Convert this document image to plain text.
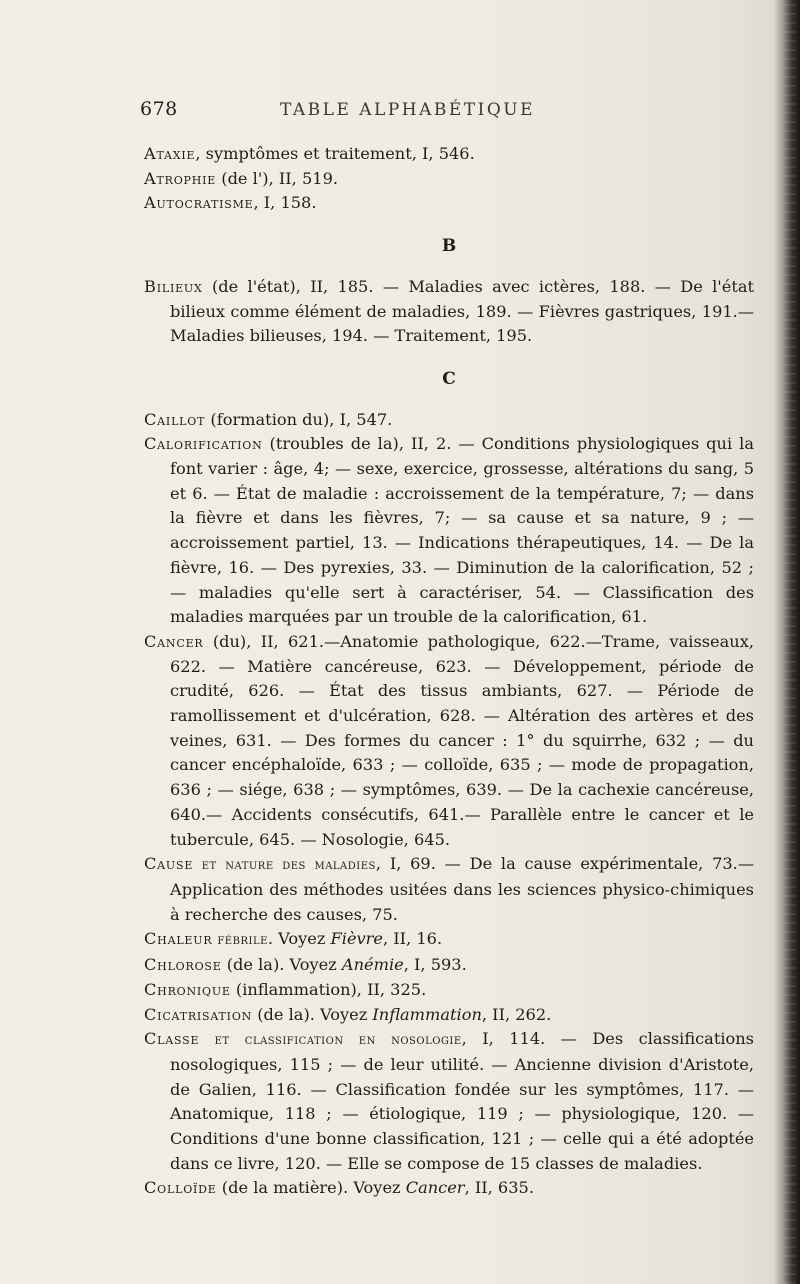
678	TABLE ALPHABÉTIQUE

Ataxie, symptômes et traitement, I, 546.

Atrophie (de l'), II, 519.

Autocratisme, I, 158.

B

Bilieux (de l'état), II, 185. — Maladies avec ictères, 188. — De l'état bilieux comme élément de maladies, 189. — Fièvres gastriques, 191.— Maladies bilieuses, 194. — Traitement, 195.

C

Caillot (formation du), I, 547.

Calorification (troubles de la), II, 2. — Conditions physiologiques qui la font varier : âge, 4; — sexe, exercice, grossesse, altérations du sang, 5 et 6. — État de maladie : accroissement de la température, 7; — dans la fièvre et dans les fièvres, 7; — sa cause et sa nature, 9 ; — accroissement partiel, 13. — Indications thérapeutiques, 14. — De la fièvre, 16. — Des pyrexies, 33. — Diminution de la calorification, 52 ; — maladies qu'elle sert à caractériser, 54. — Classification des maladies marquées par un trouble de la calorification, 61.

Cancer (du), II, 621.—Anatomie pathologique, 622.—Trame, vaisseaux, 622. — Matière cancéreuse, 623. — Développement, période de crudité, 626. — État des tissus ambiants, 627. — Période de ramollissement et d'ulcération, 628. — Altération des artères et des veines, 631. — Des formes du cancer : 1° du squirrhe, 632 ; — du cancer encéphaloïde, 633 ; — colloïde, 635 ; — mode de propagation, 636 ; — siége, 638 ; — symptômes, 639. — De la cachexie cancéreuse, 640.— Accidents consécutifs, 641.— Parallèle entre le cancer et le tubercule, 645. — Nosologie, 645.

Cause et nature des maladies, I, 69. — De la cause expérimentale, 73.— Application des méthodes usitées dans les sciences physico-chimiques à recherche des causes, 75.

Chaleur fébrile. Voyez Fièvre, II, 16.

Chlorose (de la). Voyez Anémie, I, 593.

Chronique (inflammation), II, 325.

Cicatrisation (de la). Voyez Inflammation, II, 262.

Classe et classification en nosologie, I, 114. — Des classifications nosologiques, 115 ; — de leur utilité. — Ancienne division d'Aristote, de Galien, 116. — Classification fondée sur les symptômes, 117. — Anatomique, 118 ; — étiologique, 119 ; — physiologique, 120. — Conditions d'une bonne classification, 121 ; — celle qui a été adoptée dans ce livre, 120. — Elle se compose de 15 classes de maladies.

Colloïde (de la matière). Voyez Cancer, II, 635.
